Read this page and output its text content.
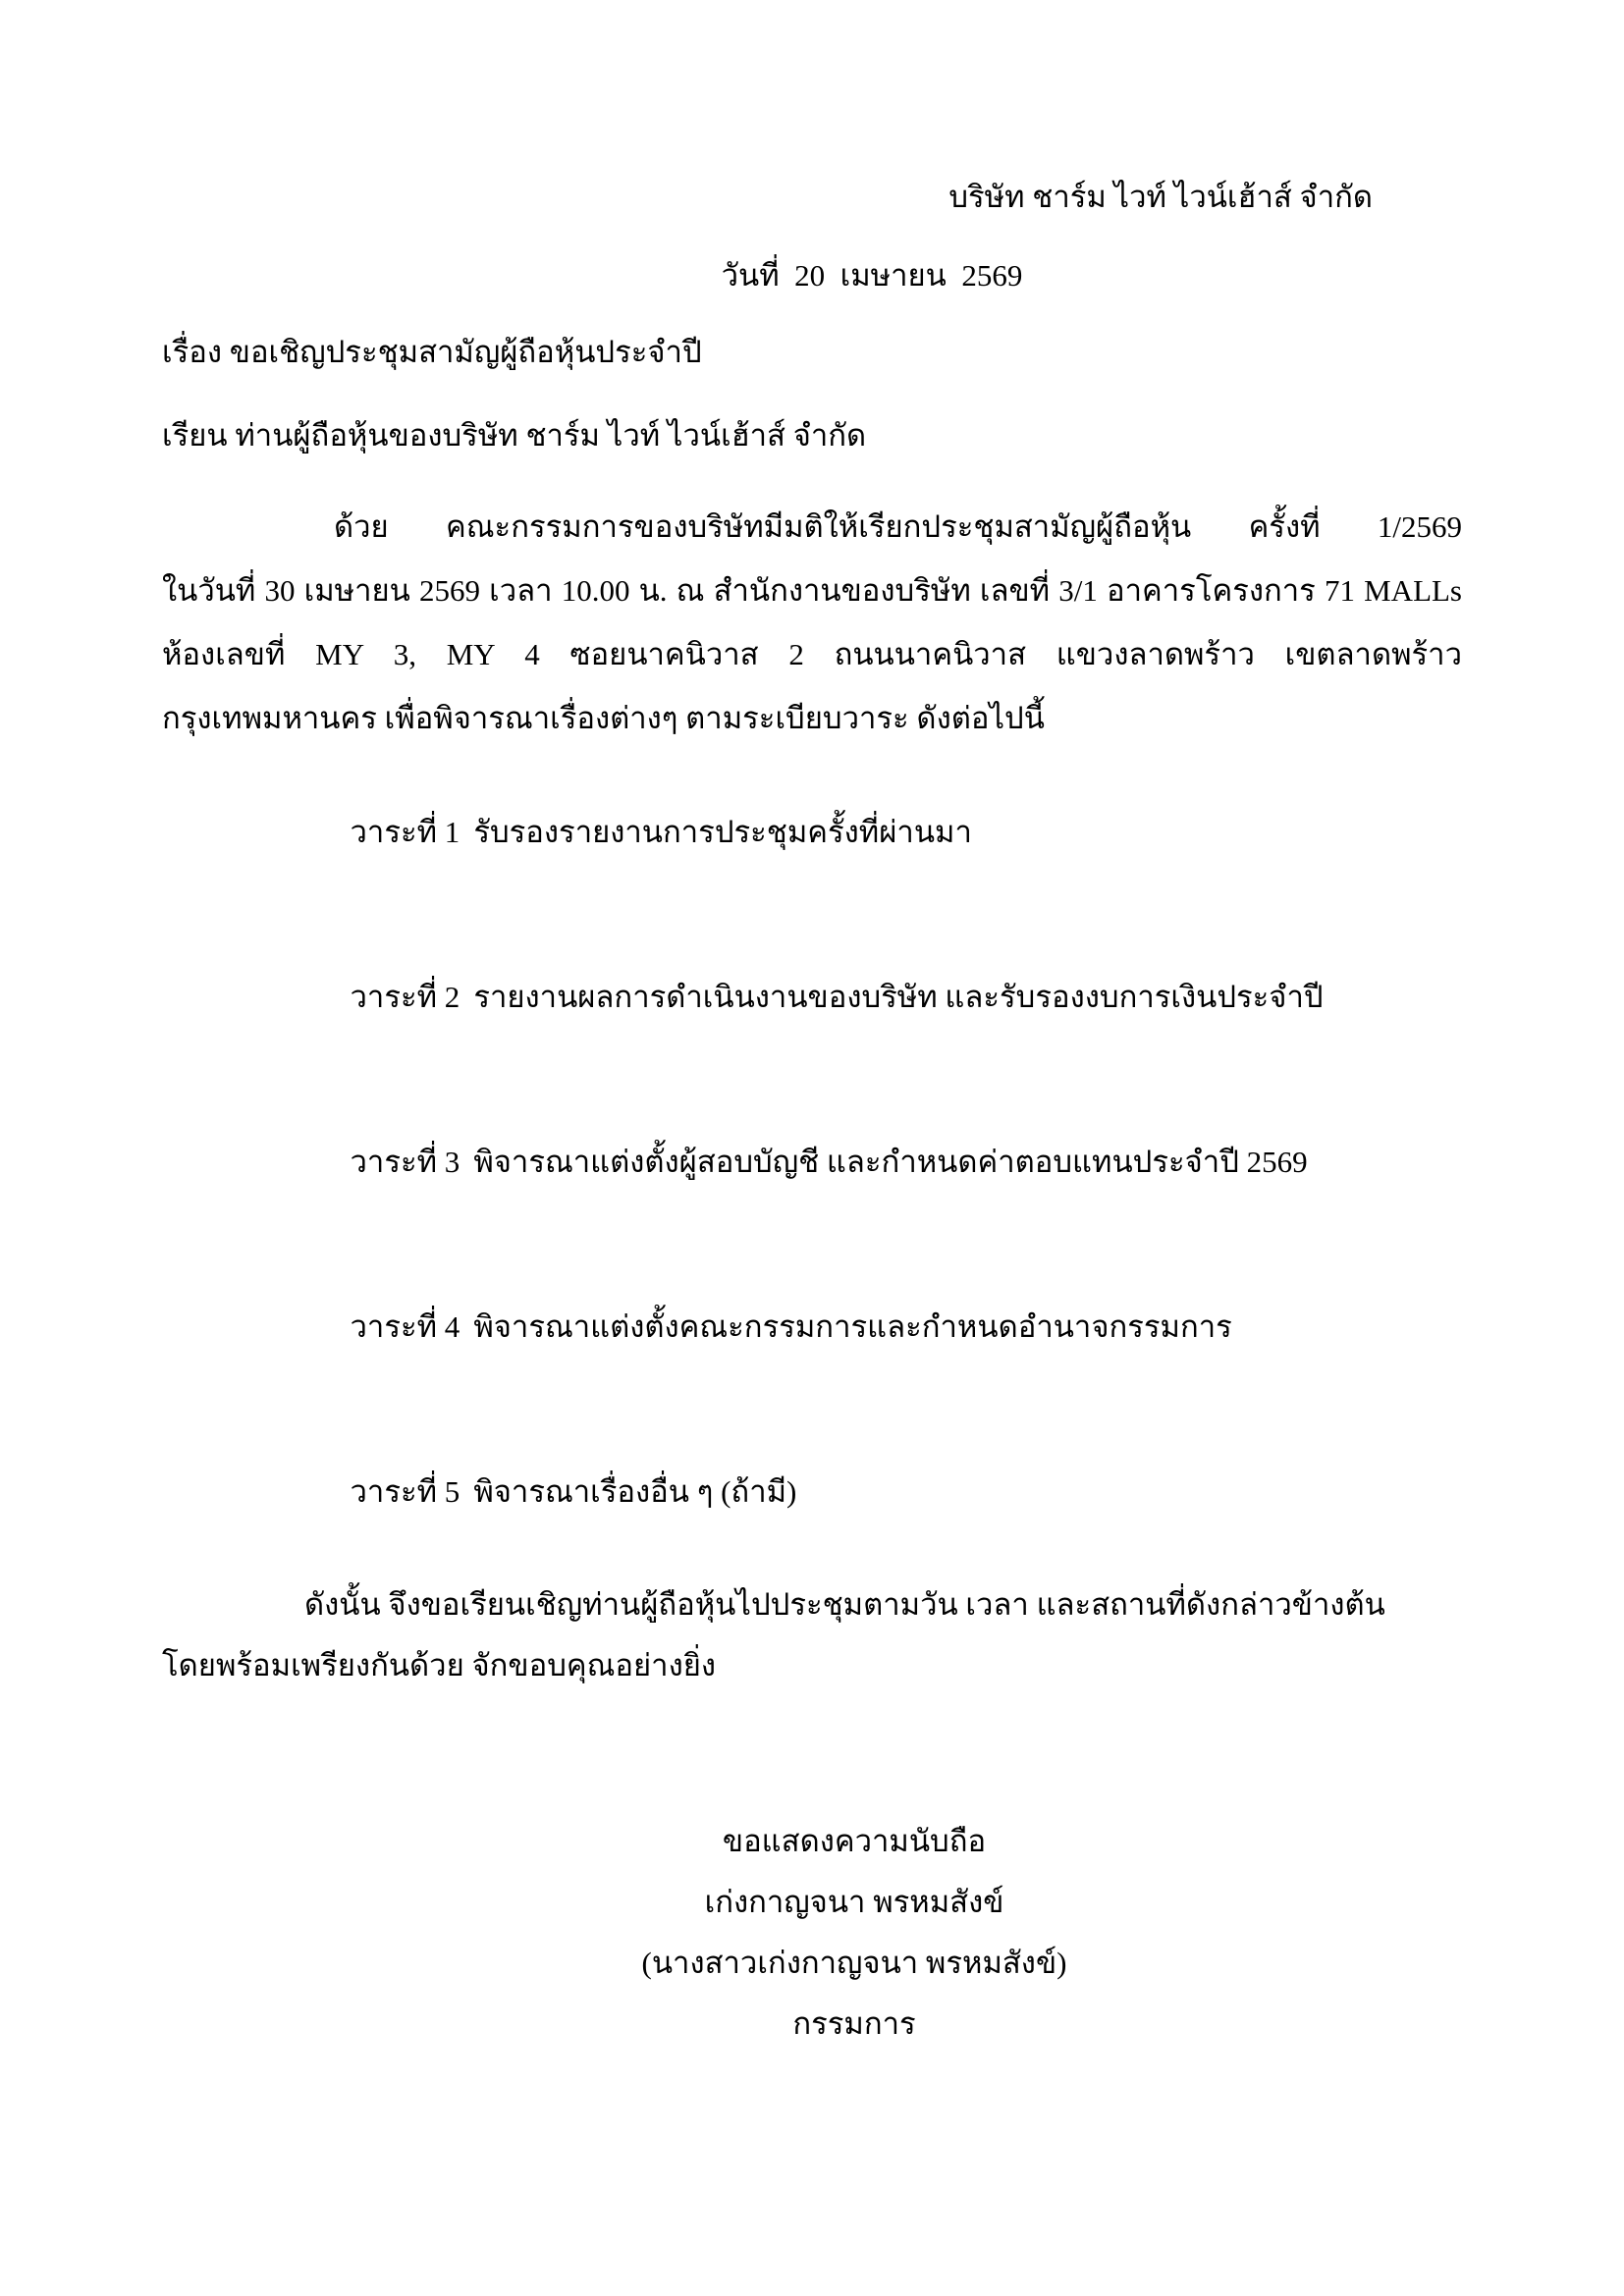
บริษัท ชาร์ม ไวท์ ไวน์เฮ้าส์ จำกัด
วันที่  20  เมษายน  2569
เรื่อง ขอเชิญประชุมสามัญผู้ถือหุ้นประจำปี
เรียน ท่านผู้ถือหุ้นของบริษัท ชาร์ม ไวท์ ไวน์เฮ้าส์ จำกัด
ด้วย คณะกรรมการของบริษัทมีมติให้เรียกประชุมสามัญผู้ถือหุ้น ครั้งที่ 1/2569
ในวันที่ 30 เมษายน 2569 เวลา 10.00 น. ณ สำนักงานของบริษัท เลขที่ 3/1 อาคารโครงการ 71 MALLs
ห้องเลขที่ MY 3, MY 4 ซอยนาคนิวาส 2 ถนนนาคนิวาส แขวงลาดพร้าว เขตลาดพร้าว
กรุงเทพมหานคร เพื่อพิจารณาเรื่องต่างๆ ตามระเบียบวาระ ดังต่อไปนี้

วาระที่ 1 รับรองรายงานการประชุมครั้งที่ผ่านมา

วาระที่ 2 รายงานผลการดำเนินงานของบริษัท และรับรองงบการเงินประจำปี

วาระที่ 3 พิจารณาแต่งตั้งผู้สอบบัญชี และกำหนดค่าตอบแทนประจำปี 2569

วาระที่ 4 พิจารณาแต่งตั้งคณะกรรมการและกำหนดอำนาจกรรมการ

วาระที่ 5 พิจารณาเรื่องอื่น ๆ (ถ้ามี)

ดังนั้น จึงขอเรียนเชิญท่านผู้ถือหุ้นไปประชุมตามวัน เวลา และสถานที่ดังกล่าวข้างต้น
โดยพร้อมเพรียงกันด้วย จักขอบคุณอย่างยิ่ง
ขอแสดงความนับถือ
เก่งกาญจนา พรหมสังข์
(นางสาวเก่งกาญจนา พรหมสังข์)
กรรมการ
